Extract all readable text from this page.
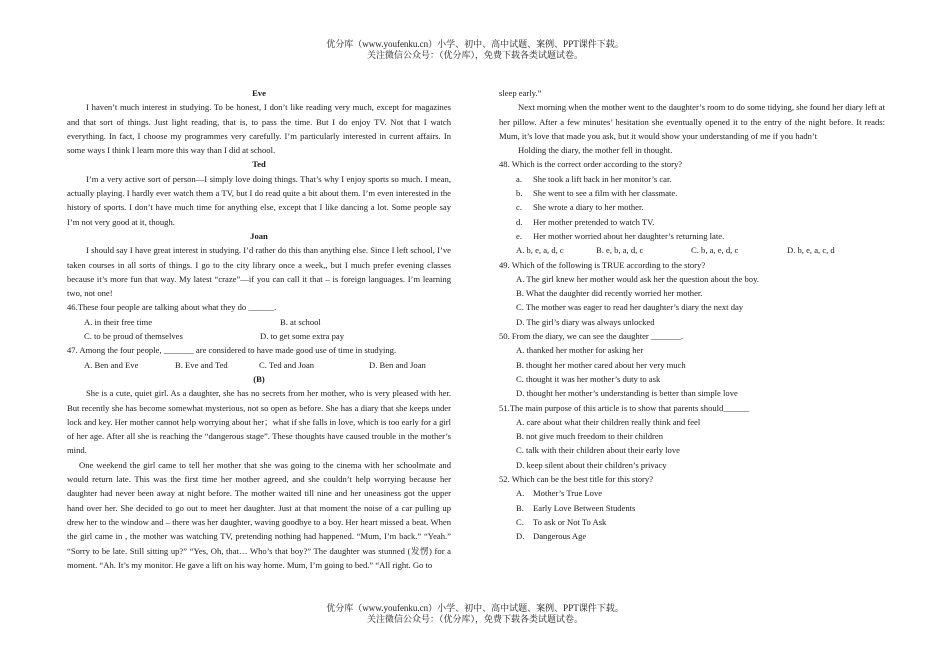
优分库（www.youfenku.cn）小学、初中、高中试题、案例、PPT课件下载。
关注微信公众号：（优分库），免费下载各类试题试卷。
Eve
I haven’t much interest in studying. To be honest, I don’t like reading very much, except for magazines and that sort of things. Just light reading, that is, to pass the time. But I do enjoy TV. Not that I watch everything. In fact, I choose my programmes very carefully. I’m particularly interested in current affairs. In some ways I think I learn more this way than I did at school.
Ted
I’m a very active sort of person—I simply love doing things. That’s why I enjoy sports so much. I mean, actually playing. I hardly ever watch them a TV, but I do read quite a bit about them. I’m even interested in the history of sports. I don’t have much time for anything else, except that I like dancing a lot. Some people say I’m not very good at it, though.
Joan
I should say I have great interest in studying. I’d rather do this than anything else. Since I left school, I’ve taken courses in all sorts of things. I go to the city library once a week,, but I much prefer evening classes because it’s more fun that way. My latest “craze”—if you can call it that – is foreign languages. I’m learning two, not one!
46.These four people are talking about what they do ______.
A. in their free time	B. at school
C. to be proud of themselves	D. to get some extra pay
47. Among the four people, _______ are considered to have made good use of time in studying.
A. Ben and Eve	B. Eve and Ted	C. Ted and Joan	D. Ben and Joan
(B)
She is a cute, quiet girl. As a daughter, she has no secrets from her mother, who is very pleased with her. But recently she has become somewhat mysterious, not so open as before. She has a diary that she keeps under lock and key. Her mother cannot help worrying about her；what if she falls in love, which is too early for a girl of her age. After all she is reaching the “dangerous stage”. These thoughts have caused trouble in the mother’s mind.
One weekend the girl came to tell her mother that she was going to the cinema with her schoolmate and would return late. This was the first time her mother agreed, and she couldn’t help worrying because her daughter had never been away at night before. The mother waited till nine and her uneasiness got the upper hand over her. She decided to go out to meet her daughter. Just at that moment the noise of a car pulling up drew her to the window and – there was her daughter, waving goodbye to a boy. Her heart missed a beat. When the girl came in , the mother was watching TV, pretending nothing had happened. “Mum, I’m back.” “Yeah.” “Sorry to be late. Still sitting up?” “Yes, Oh, that… Who’s that boy?” The daughter was stunned (发愣) for a moment. “Ah. It’s my monitor. He gave a lift on his way home. Mum, I’m going to bed.” “All right. Go to
sleep early.”
Next morning when the mother went to the daughter’s room to do some tidying, she found her diary left at her pillow. After a few minutes’ hesitation she eventually opened it to the entry of the night before. It reads: Mum, it’s love that made you ask, but it would show your understanding of me if you hadn’t
Holding the diary, the mother fell in thought.
48. Which is the correct order according to the story?
a.	She took a lift back in her monitor’s car.
b.	She went to see a film with her classmate.
c.	She wrote a diary to her mother.
d.	Her mother pretended to watch TV.
e.	Her mother worried about her daughter’s returning late.
A. b, e, a, d, c	B. e, b, a, d, c	C. b, a, e, d, c	D. b, e, a, c, d
49. Which of the following is TRUE according to the story?
A. The girl knew her mother would ask her the question about the boy.
B. What the daughter did recently worried her mother.
C. The mother was eager to read her daughter’s diary the next day
D. The girl’s diary was always unlocked
50. From the diary, we can see the daughter _______.
A. thanked her mother for asking her
B. thought her mother cared about her very much
C. thought it was her mother’s duty to ask
D. thought her mother’s understanding is better than simple love
51.The main purpose of this article is to show that parents should______
A. care about what their children really think and feel
B. not give much freedom to their children
C. talk with their children about their early love
D. keep silent about their children’s privacy
52. Which can be the best title for this story?
A.	Mother’s True Love
B.	Early Love Between Students
C.	To ask or Not To Ask
D.	Dangerous Age
优分库（www.youfenku.cn）小学、初中、高中试题、案例、PPT课件下载。
关注微信公众号：（优分库），免费下载各类试题试卷。
